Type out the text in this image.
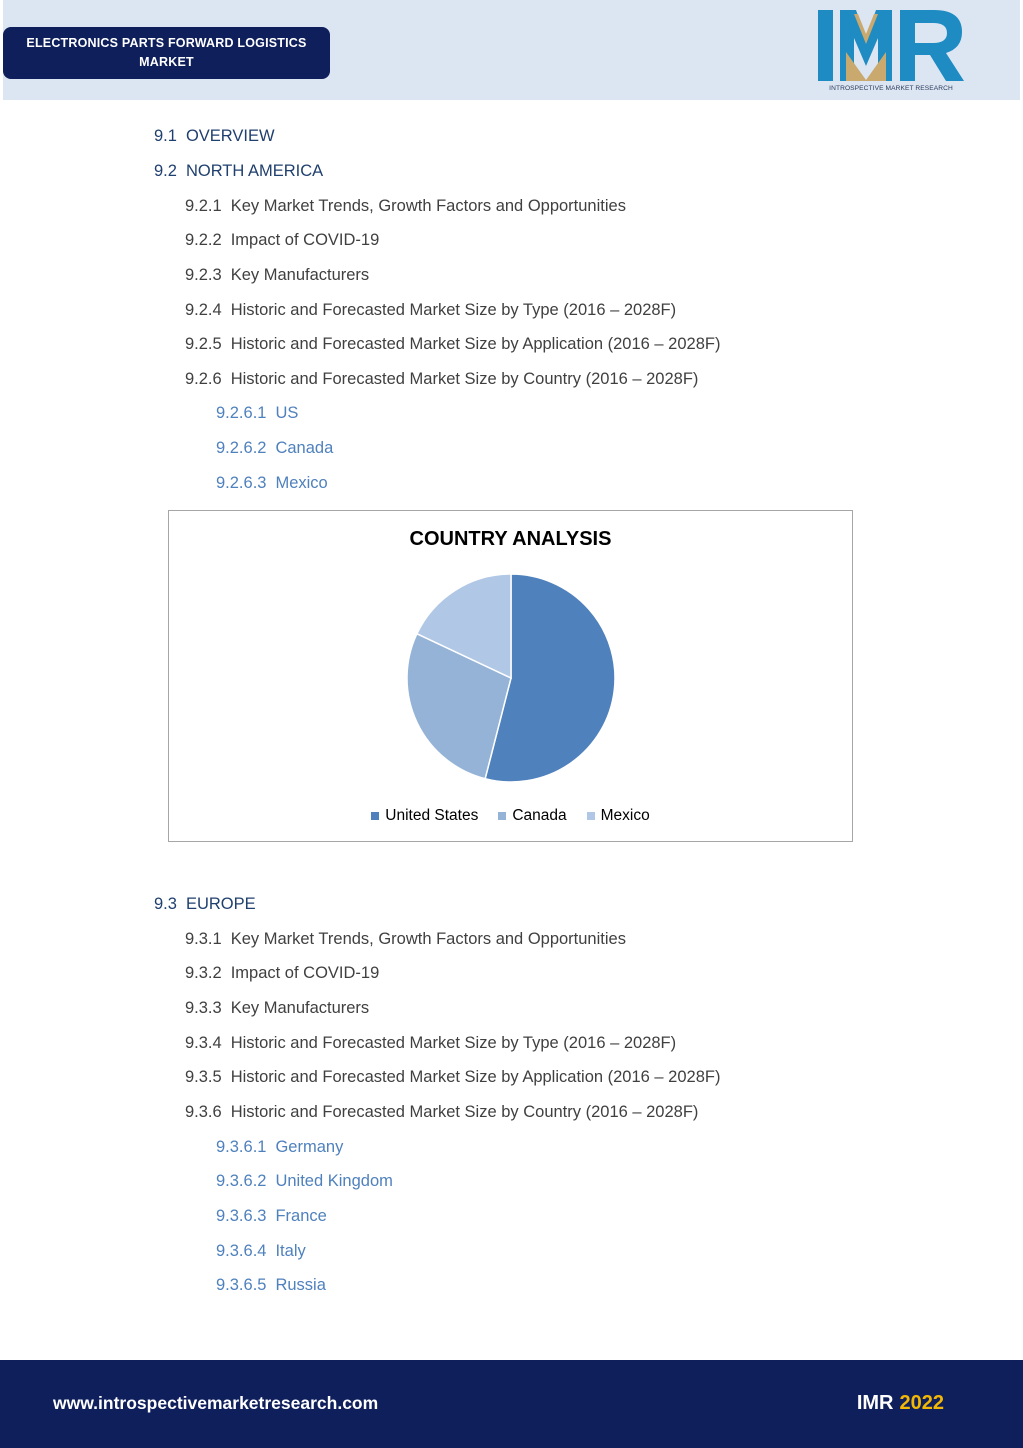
ELECTRONICS PARTS FORWARD LOGISTICS MARKET
INTROSPECTIVE MARKET RESEARCH
9.1 OVERVIEW
9.2 NORTH AMERICA
9.2.1 Key Market Trends, Growth Factors and Opportunities
9.2.2 Impact of COVID-19
9.2.3 Key Manufacturers
9.2.4 Historic and Forecasted Market Size by Type (2016 – 2028F)
9.2.5 Historic and Forecasted Market Size by Application (2016 – 2028F)
9.2.6 Historic and Forecasted Market Size by Country (2016 – 2028F)
9.2.6.1 US
9.2.6.2 Canada
9.2.6.3 Mexico
9.3 EUROPE
9.3.1 Key Market Trends, Growth Factors and Opportunities
9.3.2 Impact of COVID-19
9.3.3 Key Manufacturers
9.3.4 Historic and Forecasted Market Size by Type (2016 – 2028F)
9.3.5 Historic and Forecasted Market Size by Application (2016 – 2028F)
9.3.6 Historic and Forecasted Market Size by Country (2016 – 2028F)
9.3.6.1 Germany
9.3.6.2 United Kingdom
9.3.6.3 France
9.3.6.4 Italy
9.3.6.5 Russia
COUNTRY ANALYSIS
United States Canada Mexico
www.introspectivemarketresearch.com	IMR 2022
